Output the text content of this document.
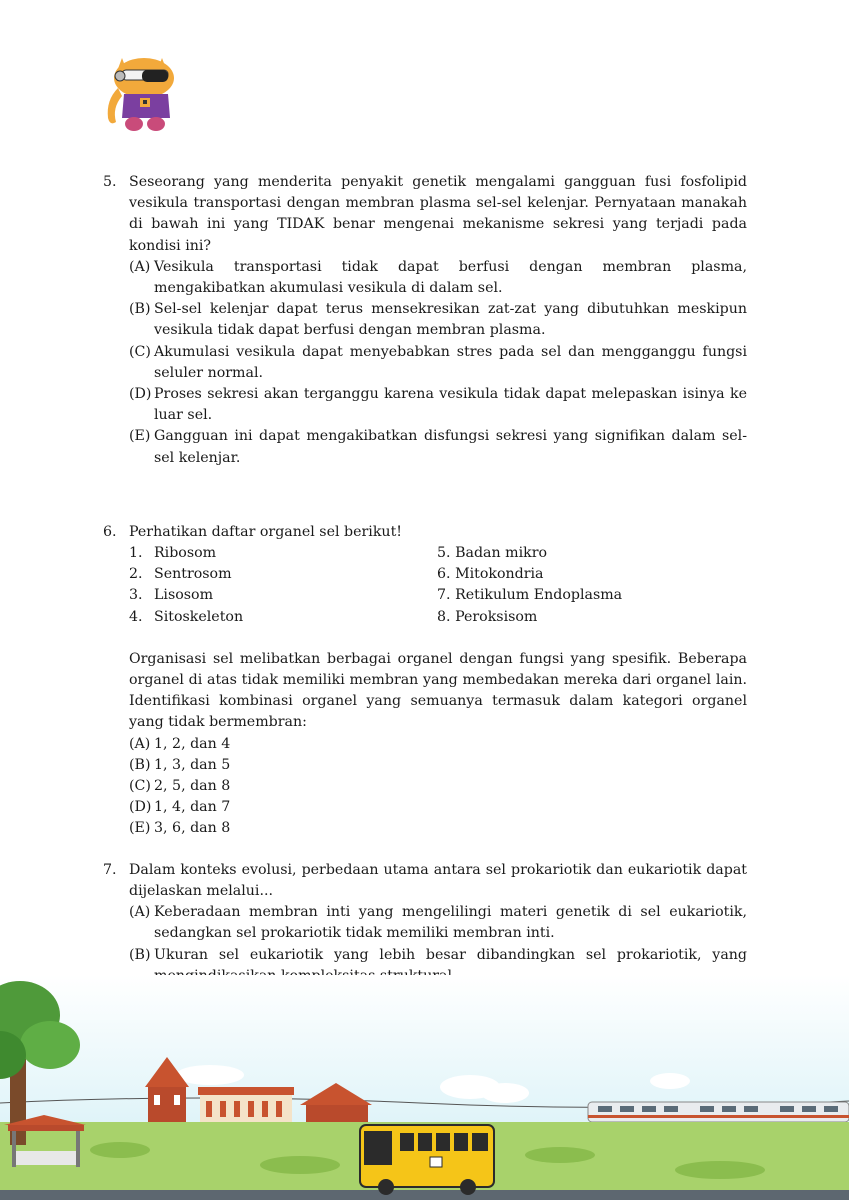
5. Seseorang yang menderita penyakit genetik mengalami gangguan fusi fosfolipid vesikula transportasi dengan membran plasma sel-sel kelenjar. Pernyataan manakah di bawah ini yang TIDAK benar mengenai mekanisme sekresi yang terjadi pada kondisi ini?
(A) Vesikula transportasi tidak dapat berfusi dengan membran plasma, mengakibatkan akumulasi vesikula di dalam sel.
(B) Sel-sel kelenjar dapat terus mensekresikan zat-zat yang dibutuhkan meskipun vesikula tidak dapat berfusi dengan membran plasma.
(C) Akumulasi vesikula dapat menyebabkan stres pada sel dan mengganggu fungsi seluler normal.
(D) Proses sekresi akan terganggu karena vesikula tidak dapat melepaskan isinya ke luar sel.
(E) Gangguan ini dapat mengakibatkan disfungsi sekresi yang signifikan dalam sel-sel kelenjar.
6. Perhatikan daftar organel sel berikut!
1. Ribosom
2. Sentrosom
3. Lisosom
4. Sitoskeleton
5. Badan mikro
6. Mitokondria
7. Retikulum Endoplasma
8. Peroksisom
Organisasi sel melibatkan berbagai organel dengan fungsi yang spesifik. Beberapa organel di atas tidak memiliki membran yang membedakan mereka dari organel lain. Identifikasi kombinasi organel yang semuanya termasuk dalam kategori organel yang tidak bermembran:
(A) 1, 2, dan 4
(B) 1, 3, dan 5
(C) 2, 5, dan 8
(D) 1, 4, dan 7
(E) 3, 6, dan 8
7. Dalam konteks evolusi, perbedaan utama antara sel prokariotik dan eukariotik dapat dijelaskan melalui...
(A) Keberadaan membran inti yang mengelilingi materi genetik di sel eukariotik, sedangkan sel prokariotik tidak memiliki membran inti.
(B) Ukuran sel eukariotik yang lebih besar dibandingkan sel prokariotik, yang
